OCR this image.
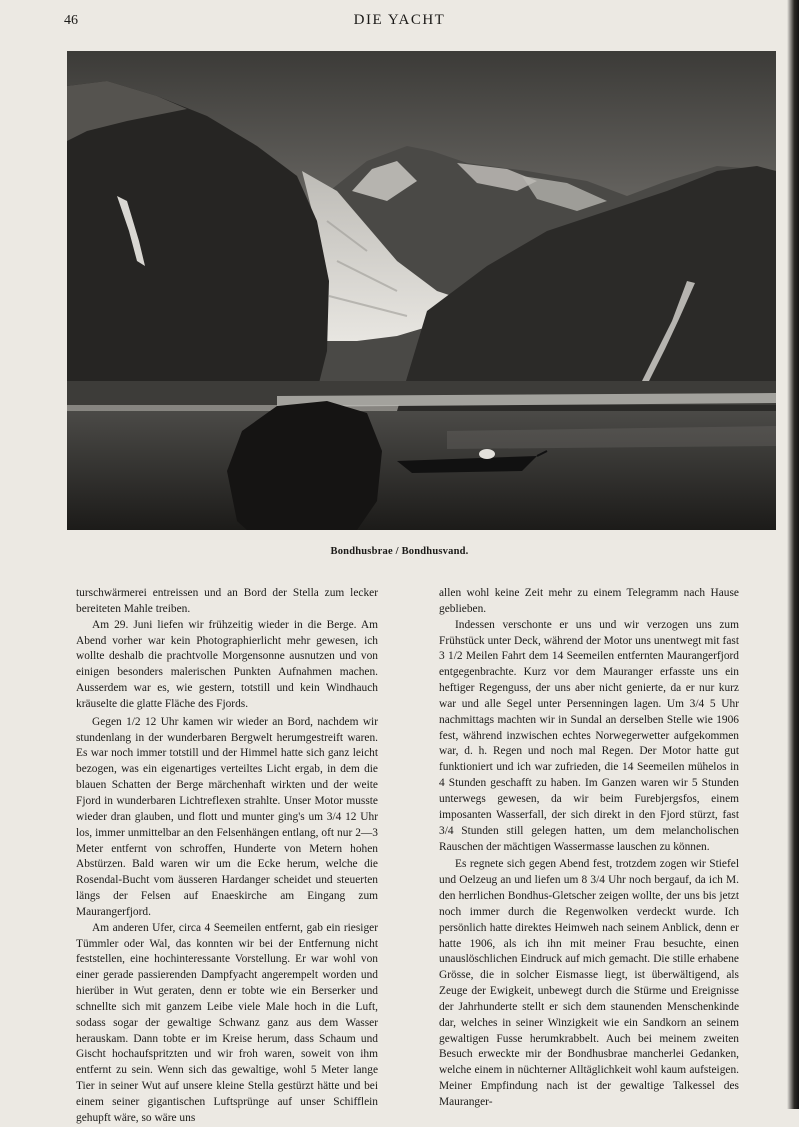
46	DIE YACHT
Bondhusbrae / Bondhusvand.

turschwärmerei entreissen und an Bord der Stella zum lecker bereiteten Mahle treiben.

Am 29. Juni liefen wir frühzeitig wieder in die Berge. Am Abend vorher war kein Photographierlicht mehr gewesen, ich wollte deshalb die prachtvolle Morgensonne ausnutzen und von einigen besonders malerischen Punkten Aufnahmen machen. Ausserdem war es, wie gestern, totstill und kein Windhauch kräuselte die glatte Fläche des Fjords.

Gegen 1/2 12 Uhr kamen wir wieder an Bord, nachdem wir stundenlang in der wunderbaren Bergwelt herumgestreift waren. Es war noch immer totstill und der Himmel hatte sich ganz leicht bezogen, was ein eigenartiges verteiltes Licht ergab, in dem die blauen Schatten der Berge märchenhaft wirkten und der weite Fjord in wunderbaren Lichtreflexen strahlte. Unser Motor musste wieder dran glauben, und flott und munter ging's um 3/4 12 Uhr los, immer unmittelbar an den Felsenhängen entlang, oft nur 2—3 Meter entfernt von schroffen, Hunderte von Metern hohen Abstürzen. Bald waren wir um die Ecke herum, welche die Rosendal-Bucht vom äusseren Hardanger scheidet und steuerten längs der Felsen auf Enaeskirche am Eingang zum Maurangerfjord.

Am anderen Ufer, circa 4 Seemeilen entfernt, gab ein riesiger Tümmler oder Wal, das konnten wir bei der Entfernung nicht feststellen, eine hochinteressante Vorstellung. Er war wohl von einer gerade passierenden Dampfyacht angerempelt worden und hierüber in Wut geraten, denn er tobte wie ein Berserker und schnellte sich mit ganzem Leibe viele Male hoch in die Luft, sodass sogar der gewaltige Schwanz ganz aus dem Wasser herauskam. Dann tobte er im Kreise herum, dass Schaum und Gischt hochaufspritzten und wir froh waren, soweit von ihm entfernt zu sein. Wenn sich das gewaltige, wohl 5 Meter lange Tier in seiner Wut auf unsere kleine Stella gestürzt hätte und bei einem seiner gigantischen Luftsprünge auf unser Schifflein gehupft wäre, so wäre uns

allen wohl keine Zeit mehr zu einem Telegramm nach Hause geblieben.

Indessen verschonte er uns und wir verzogen uns zum Frühstück unter Deck, während der Motor uns unentwegt mit fast 3 1/2 Meilen Fahrt dem 14 Seemeilen entfernten Maurangerfjord entgegenbrachte. Kurz vor dem Mauranger erfasste uns ein heftiger Regenguss, der uns aber nicht genierte, da er nur kurz war und alle Segel unter Persenningen lagen. Um 3/4 5 Uhr nachmittags machten wir in Sundal an derselben Stelle wie 1906 fest, während inzwischen echtes Norwegerwetter aufgekommen war, d. h. Regen und noch mal Regen. Der Motor hatte gut funktioniert und ich war zufrieden, die 14 Seemeilen mühelos in 4 Stunden geschafft zu haben. Im Ganzen waren wir 5 Stunden unterwegs gewesen, da wir beim Furebjergsfos, einem imposanten Wasserfall, der sich direkt in den Fjord stürzt, fast 3/4 Stunden still gelegen hatten, um dem melancholischen Rauschen der mächtigen Wassermasse lauschen zu können.

Es regnete sich gegen Abend fest, trotzdem zogen wir Stiefel und Oelzeug an und liefen um 8 3/4 Uhr noch bergauf, da ich M. den herrlichen Bondhus-Gletscher zeigen wollte, der uns bis jetzt noch immer durch die Regenwolken verdeckt wurde. Ich persönlich hatte direktes Heimweh nach seinem Anblick, denn er hatte 1906, als ich ihn mit meiner Frau besuchte, einen unauslöschlichen Eindruck auf mich gemacht. Die stille erhabene Grösse, die in solcher Eismasse liegt, ist überwältigend, als Zeuge der Ewigkeit, unbewegt durch die Stürme und Ereignisse der Jahrhunderte stellt er sich dem staunenden Menschenkinde dar, welches in seiner Winzigkeit wie ein Sandkorn an seinem gewaltigen Fusse herumkrabbelt. Auch bei meinem zweiten Besuch erweckte mir der Bondhusbrae mancherlei Gedanken, welche einem in nüchterner Alltäglichkeit wohl kaum aufsteigen. Meiner Empfindung nach ist der gewaltige Talkessel des Mauranger-
